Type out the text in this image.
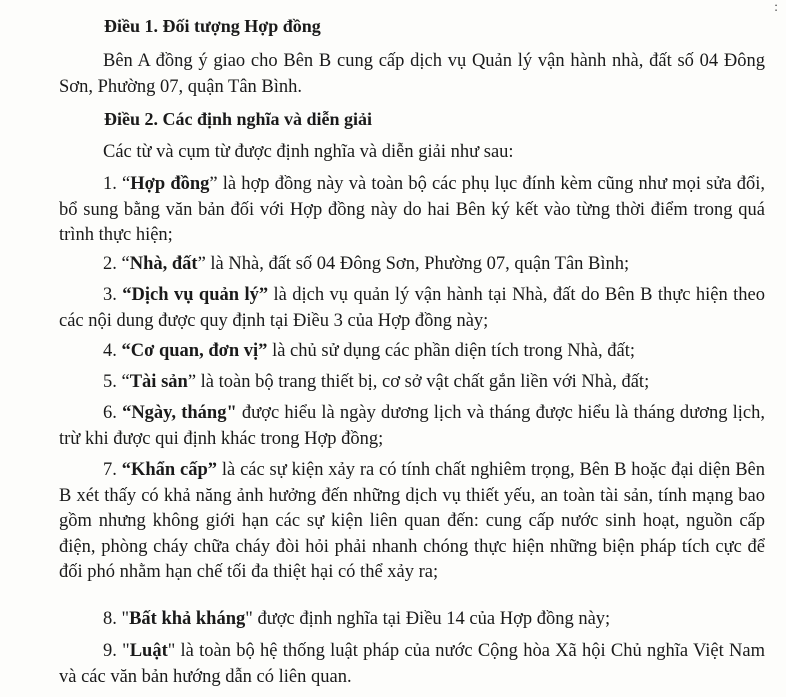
:
Điều 1. Đối tượng Hợp đồng
Bên A đồng ý giao cho Bên B cung cấp dịch vụ Quản lý vận hành nhà, đất số 04 Đông Sơn, Phường 07, quận Tân Bình.
Điều 2. Các định nghĩa và diễn giải
Các từ và cụm từ được định nghĩa và diễn giải như sau:
1. “Hợp đồng” là hợp đồng này và toàn bộ các phụ lục đính kèm cũng như mọi sửa đổi, bổ sung bằng văn bản đối với Hợp đồng này do hai Bên ký kết vào từng thời điểm trong quá trình thực hiện;
2. “Nhà, đất” là Nhà, đất số 04 Đông Sơn, Phường 07, quận Tân Bình;
3. “Dịch vụ quản lý” là dịch vụ quản lý vận hành tại Nhà, đất do Bên B thực hiện theo các nội dung được quy định tại Điều 3 của Hợp đồng này;
4. “Cơ quan, đơn vị” là chủ sử dụng các phần diện tích trong Nhà, đất;
5. “Tài sản” là toàn bộ trang thiết bị, cơ sở vật chất gắn liền với Nhà, đất;
6. “Ngày, tháng" được hiểu là ngày dương lịch và tháng được hiểu là tháng dương lịch, trừ khi được qui định khác trong Hợp đồng;
7. “Khẩn cấp” là các sự kiện xảy ra có tính chất nghiêm trọng, Bên B hoặc đại diện Bên B xét thấy có khả năng ảnh hưởng đến những dịch vụ thiết yếu, an toàn tài sản, tính mạng bao gồm nhưng không giới hạn các sự kiện liên quan đến: cung cấp nước sinh hoạt, nguồn cấp điện, phòng cháy chữa cháy đòi hỏi phải nhanh chóng thực hiện những biện pháp tích cực để đối phó nhằm hạn chế tối đa thiệt hại có thể xảy ra;
8. "Bất khả kháng" được định nghĩa tại Điều 14 của Hợp đồng này;
9. "Luật" là toàn bộ hệ thống luật pháp của nước Cộng hòa Xã hội Chủ nghĩa Việt Nam và các văn bản hướng dẫn có liên quan.
